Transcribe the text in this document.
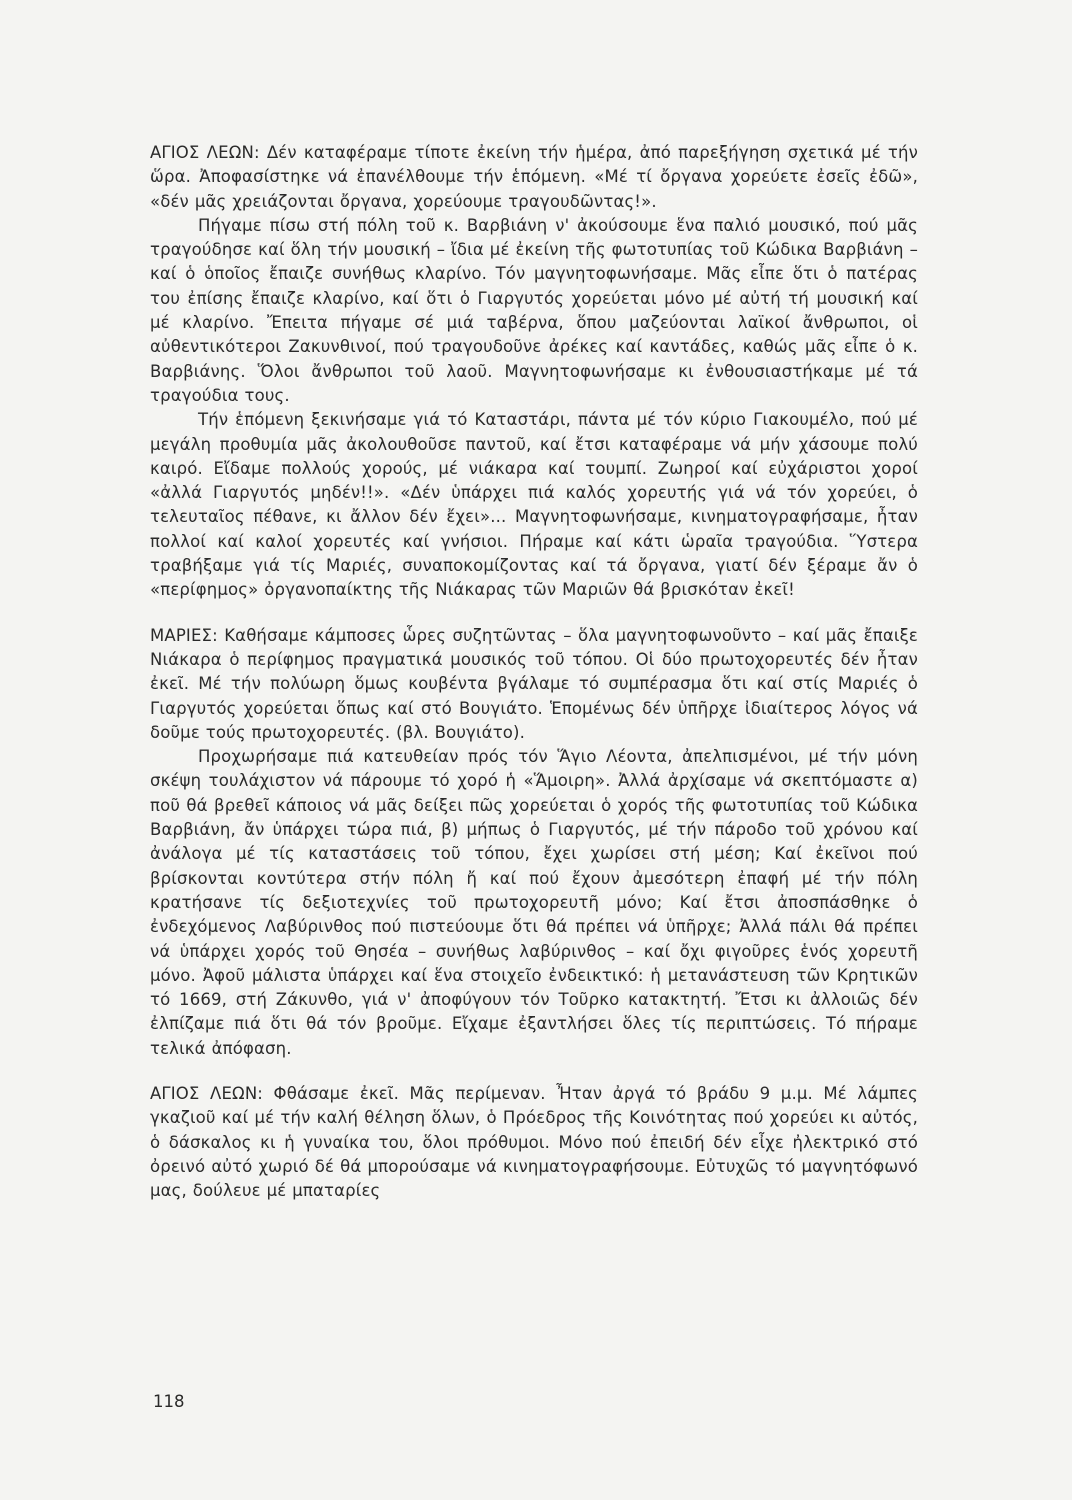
ΑΓΙΟΣ ΛΕΩΝ: Δέν καταφέραμε τίποτε ἐκείνη τήν ἡμέρα, ἀπό παρεξήγηση σχετικά μέ τήν ὥρα. Ἀποφασίστηκε νά ἐπανέλθουμε τήν ἑπόμενη. «Μέ τί ὄργανα χορεύετε ἐσεῖς ἐδῶ», «δέν μᾶς χρειάζονται ὄργανα, χορεύουμε τραγουδῶντας!».

Πήγαμε πίσω στή πόλη τοῦ κ. Βαρβιάνη ν' ἀκούσουμε ἕνα παλιό μουσικό, πού μᾶς τραγούδησε καί ὅλη τήν μουσική – ἴδια μέ ἐκείνη τῆς φωτοτυπίας τοῦ Κώδικα Βαρβιάνη – καί ὁ ὁποῖος ἔπαιζε συνήθως κλαρίνο. Τόν μαγνητοφωνήσαμε. Μᾶς εἶπε ὅτι ὁ πατέρας του ἐπίσης ἔπαιζε κλαρίνο, καί ὅτι ὁ Γιαργυτός χορεύεται μόνο μέ αὐτή τή μουσική καί μέ κλαρίνο. Ἔπειτα πήγαμε σέ μιά ταβέρνα, ὅπου μαζεύονται λαϊκοί ἄνθρωποι, οἱ αὐθεντικότεροι Ζακυνθινοί, πού τραγουδοῦνε ἀρέκες καί καντάδες, καθώς μᾶς εἶπε ὁ κ. Βαρβιάνης. Ὅλοι ἄνθρωποι τοῦ λαοῦ. Μαγνητοφωνήσαμε κι ἐνθουσιαστήκαμε μέ τά τραγούδια τους.

Τήν ἑπόμενη ξεκινήσαμε γιά τό Καταστάρι, πάντα μέ τόν κύριο Γιακουμέλο, πού μέ μεγάλη προθυμία μᾶς ἀκολουθοῦσε παντοῦ, καί ἔτσι καταφέραμε νά μήν χάσουμε πολύ καιρό. Εἴδαμε πολλούς χορούς, μέ νιάκαρα καί τουμπί. Ζωηροί καί εὐχάριστοι χοροί «ἀλλά Γιαργυτός μηδέν!!». «Δέν ὑπάρχει πιά καλός χορευτής γιά νά τόν χορεύει, ὁ τελευταῖος πέθανε, κι ἄλλον δέν ἔχει»... Μαγνητοφωνήσαμε, κινηματογραφήσαμε, ἦταν πολλοί καί καλοί χορευτές καί γνήσιοι. Πήραμε καί κάτι ὡραῖα τραγούδια. Ὕστερα τραβήξαμε γιά τίς Μαριές, συναποκομίζοντας καί τά ὄργανα, γιατί δέν ξέραμε ἄν ὁ «περίφημος» ὀργανοπαίκτης τῆς Νιάκαρας τῶν Μαριῶν θά βρισκόταν ἐκεῖ!

ΜΑΡΙΕΣ: Καθήσαμε κάμποσες ὧρες συζητῶντας – ὅλα μαγνητοφωνοῦντο – καί μᾶς ἔπαιξε Νιάκαρα ὁ περίφημος πραγματικά μουσικός τοῦ τόπου. Οἱ δύο πρωτοχορευτές δέν ἦταν ἐκεῖ. Μέ τήν πολύωρη ὅμως κουβέντα βγάλαμε τό συμπέρασμα ὅτι καί στίς Μαριές ὁ Γιαργυτός χορεύεται ὅπως καί στό Βουγιάτο. Ἑπομένως δέν ὑπῆρχε ἰδιαίτερος λόγος νά δοῦμε τούς πρωτοχορευτές. (βλ. Βουγιάτο).

Προχωρήσαμε πιά κατευθείαν πρός τόν Ἅγιο Λέοντα, ἀπελπισμένοι, μέ τήν μόνη σκέψη τουλάχιστον νά πάρουμε τό χορό ἡ «Ἅμοιρη». Ἀλλά ἀρχίσαμε νά σκεπτόμαστε α) ποῦ θά βρεθεῖ κάποιος νά μᾶς δείξει πῶς χορεύεται ὁ χορός τῆς φωτοτυπίας τοῦ Κώδικα Βαρβιάνη, ἄν ὑπάρχει τώρα πιά, β) μήπως ὁ Γιαργυτός, μέ τήν πάροδο τοῦ χρόνου καί ἀνάλογα μέ τίς καταστάσεις τοῦ τόπου, ἔχει χωρίσει στή μέση; Καί ἐκεῖνοι πού βρίσκονται κοντύτερα στήν πόλη ἤ καί πού ἔχουν ἀμεσότερη ἐπαφή μέ τήν πόλη κρατήσανε τίς δεξιοτεχνίες τοῦ πρωτοχορευτῆ μόνο; Καί ἔτσι ἀποσπάσθηκε ὁ ἐνδεχόμενος Λαβύρινθος πού πιστεύουμε ὅτι θά πρέπει νά ὑπῆρχε; Ἀλλά πάλι θά πρέπει νά ὑπάρχει χορός τοῦ Θησέα – συνήθως λαβύρινθος – καί ὄχι φιγοῦρες ἑνός χορευτῆ μόνο. Ἀφοῦ μάλιστα ὑπάρχει καί ἕνα στοιχεῖο ἐνδεικτικό: ἡ μετανάστευση τῶν Κρητικῶν τό 1669, στή Ζάκυνθο, γιά ν' ἀποφύγουν τόν Τοῦρκο κατακτητή. Ἔτσι κι ἀλλοιῶς δέν ἐλπίζαμε πιά ὅτι θά τόν βροῦμε. Εἴχαμε ἐξαντλήσει ὅλες τίς περιπτώσεις. Τό πήραμε τελικά ἀπόφαση.

ΑΓΙΟΣ ΛΕΩΝ: Φθάσαμε ἐκεῖ. Μᾶς περίμεναν. Ἦταν ἀργά τό βράδυ 9 μ.μ. Μέ λάμπες γκαζιοῦ καί μέ τήν καλή θέληση ὅλων, ὁ Πρόεδρος τῆς Κοινότητας πού χορεύει κι αὐτός, ὁ δάσκαλος κι ἡ γυναίκα του, ὅλοι πρόθυμοι. Μόνο πού ἐπειδή δέν εἶχε ἠλεκτρικό στό ὀρεινό αὐτό χωριό δέ θά μπορούσαμε νά κινηματογραφήσουμε. Εὐτυχῶς τό μαγνητόφωνό μας, δούλευε μέ μπαταρίες

118
